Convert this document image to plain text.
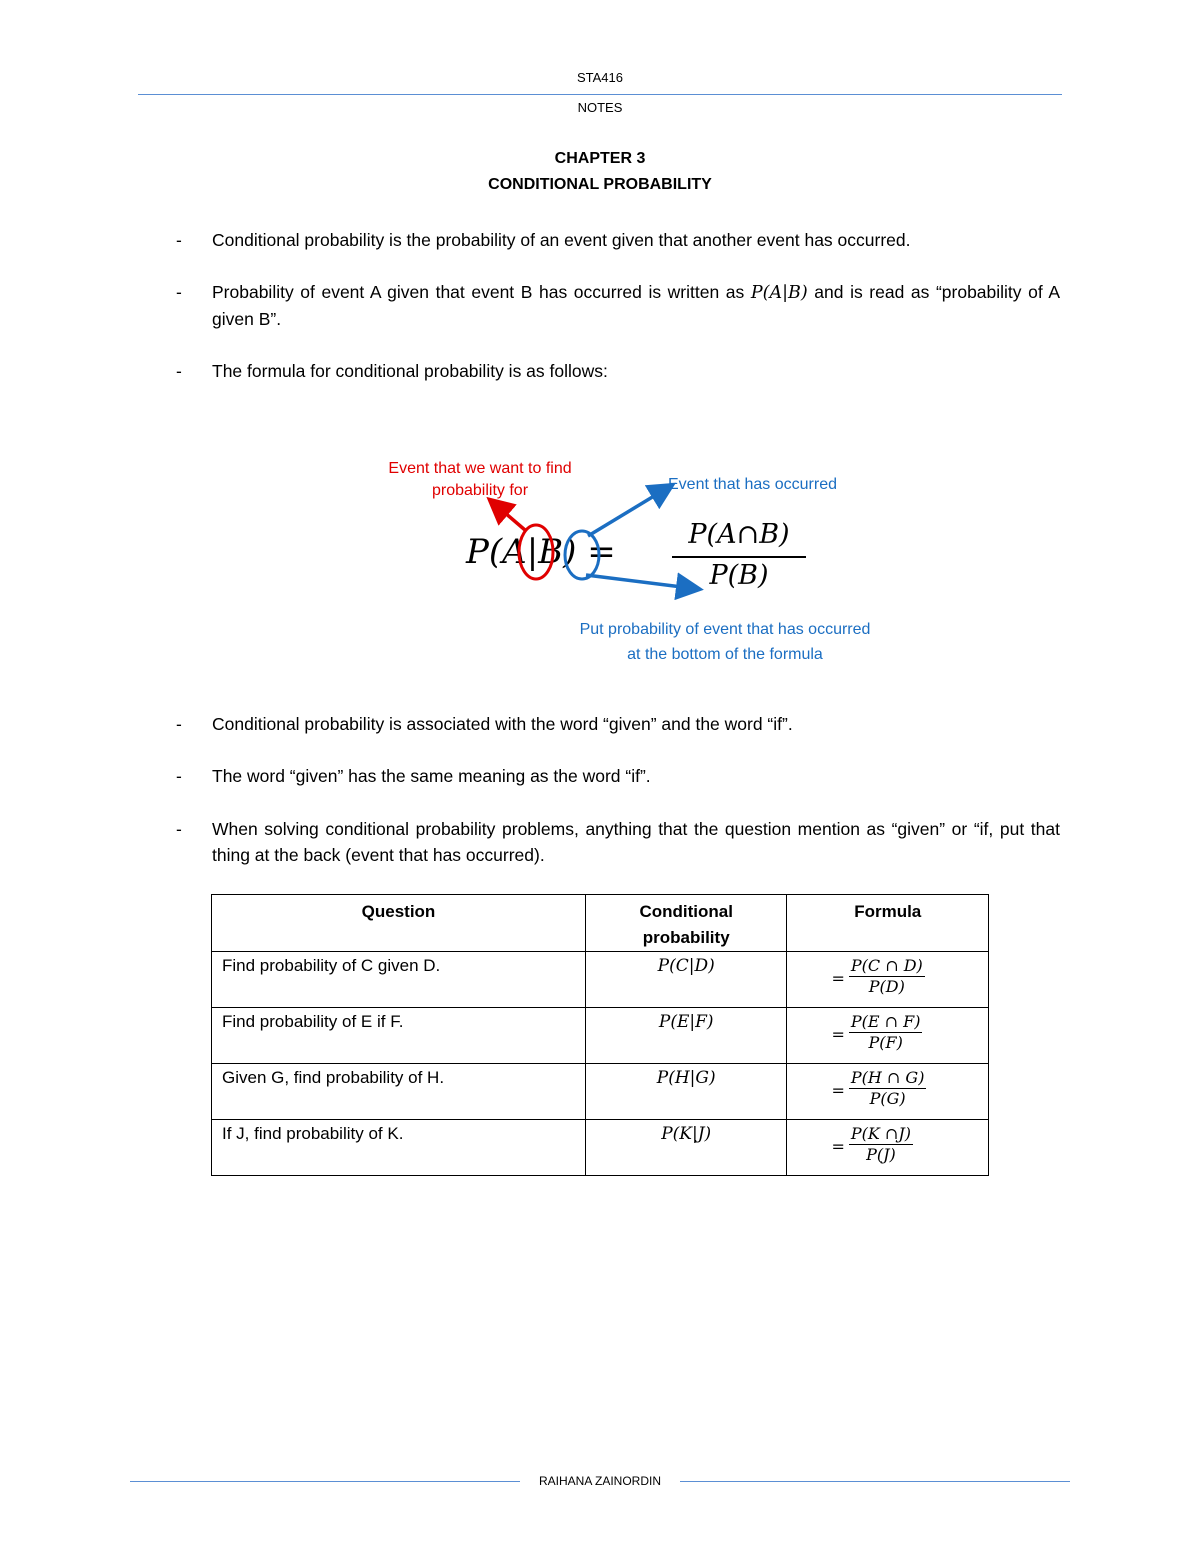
STA416
NOTES
CHAPTER 3
CONDITIONAL PROBABILITY
- Conditional probability is the probability of an event given that another event has occurred.
- Probability of event A given that event B has occurred is written as P(A|B) and is read as “probability of A given B”.
- The formula for conditional probability is as follows:
Event that we want to find
probability for	Event that has occurred
P(A|B) =	P(A∩B)
P(B)
Put probability of event that has occurred
at the bottom of the formula
- Conditional probability is associated with the word “given” and the word “if”.
- The word “given” has the same meaning as the word “if”.
- When solving conditional probability problems, anything that the question mention as “given” or “if, put that thing at the back (event that has occurred).
Question	Conditional probability	Formula
Find probability of C given D.	P(C|D)	= $\frac{P(C \cap D)}{P(D)}$

Find probability of E if F.	P(E|F)	= $\frac{P(E \cap F)}{P(F)}$

Given G, find probability of H.	P(H|G)	= $\frac{P(H \cap G)}{P(G)}$

If J, find probability of K.	P(K|J)	= $\frac{P(K \cap J)}{P(J)}$
RAIHANA ZAINORDIN
